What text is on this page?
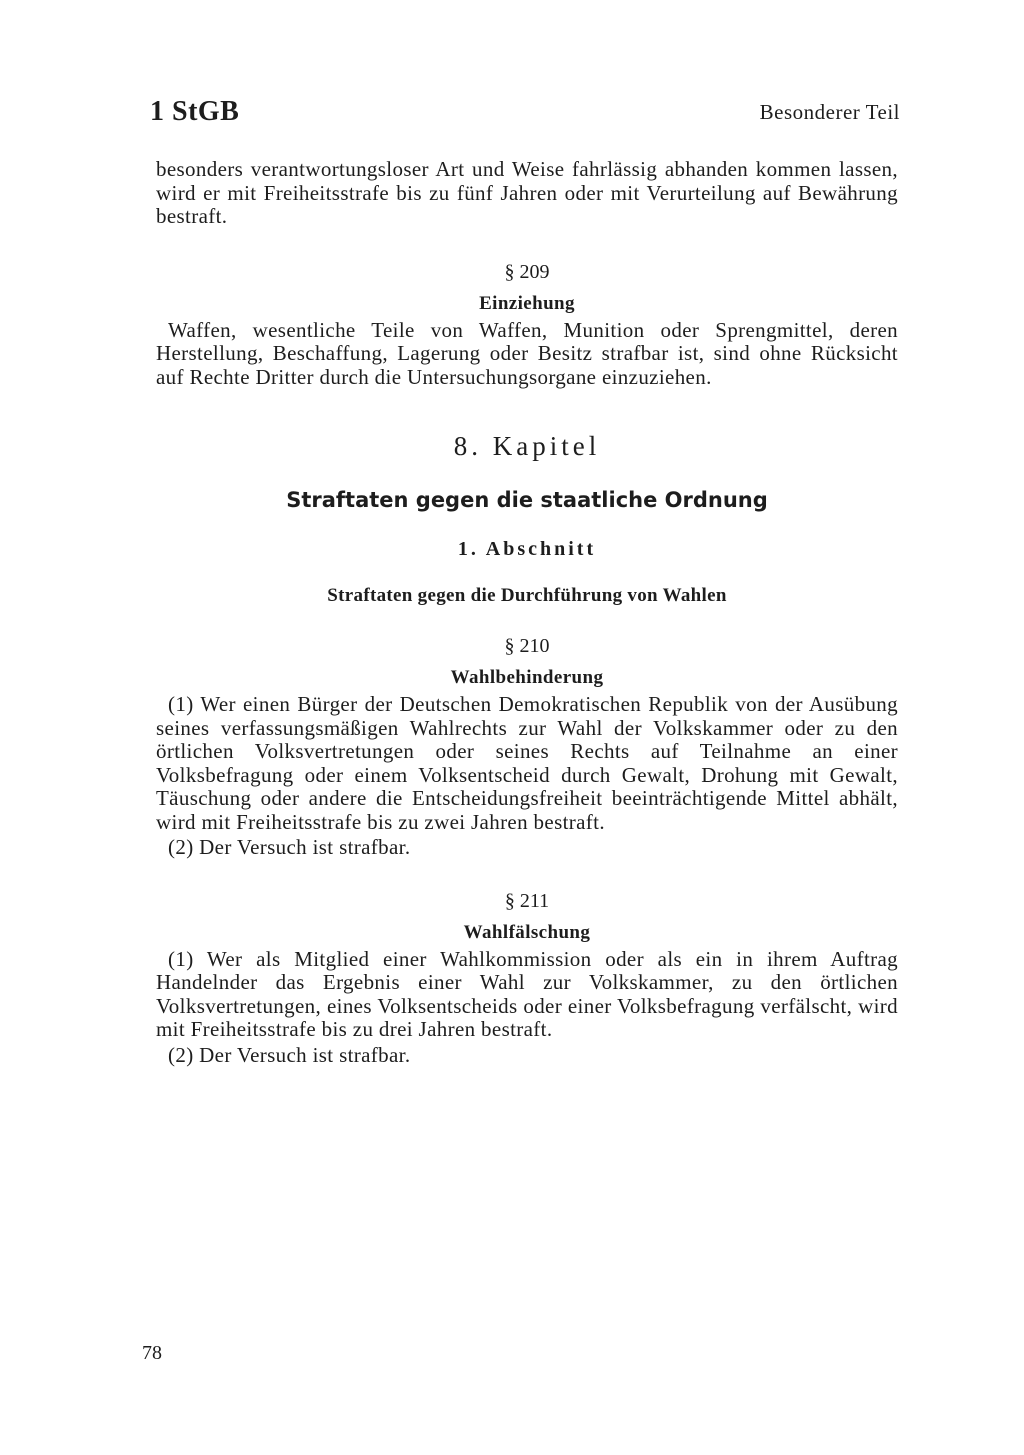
1 StGB	Besonderer Teil

besonders verantwortungsloser Art und Weise fahrlässig abhanden kommen lassen, wird er mit Freiheitsstrafe bis zu fünf Jahren oder mit Verurteilung auf Bewährung bestraft.

§ 209
Einziehung

Waffen, wesentliche Teile von Waffen, Munition oder Sprengmittel, deren Herstellung, Beschaffung, Lagerung oder Besitz strafbar ist, sind ohne Rücksicht auf Rechte Dritter durch die Untersuchungsorgane einzuziehen.

8. Kapitel
Straftaten gegen die staatliche Ordnung
1. Abschnitt
Straftaten gegen die Durchführung von Wahlen
§ 210
Wahlbehinderung

(1) Wer einen Bürger der Deutschen Demokratischen Republik von der Ausübung seines verfassungsmäßigen Wahlrechts zur Wahl der Volkskammer oder zu den örtlichen Volksvertretungen oder seines Rechts auf Teilnahme an einer Volksbefragung oder einem Volksentscheid durch Gewalt, Drohung mit Gewalt, Täuschung oder andere die Entscheidungsfreiheit beeinträchtigende Mittel abhält, wird mit Freiheitsstrafe bis zu zwei Jahren bestraft.

(2) Der Versuch ist strafbar.

§ 211
Wahlfälschung

(1) Wer als Mitglied einer Wahlkommission oder als ein in ihrem Auftrag Handelnder das Ergebnis einer Wahl zur Volkskammer, zu den örtlichen Volksvertretungen, eines Volksentscheids oder einer Volksbefragung verfälscht, wird mit Freiheitsstrafe bis zu drei Jahren bestraft.

(2) Der Versuch ist strafbar.

78
